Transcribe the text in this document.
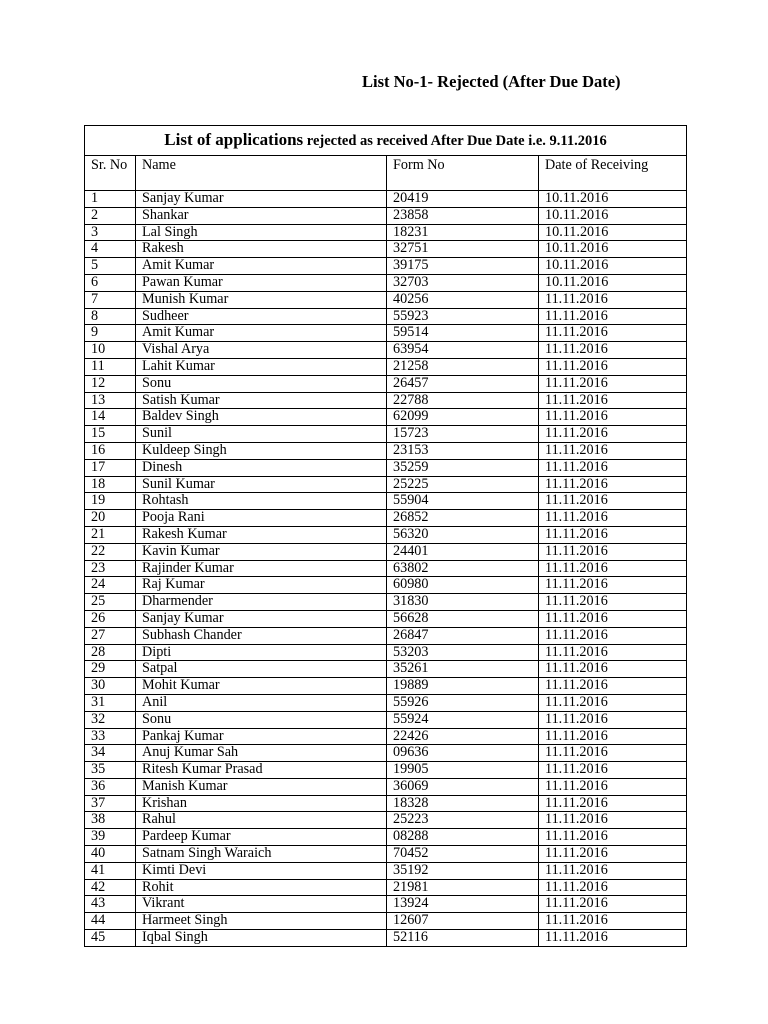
List No-1- Rejected (After Due Date)
List of applications rejected as received After Due Date i.e. 9.11.2016			
Sr. No	Name	Form No	Date of Receiving
1	Sanjay Kumar	20419	10.11.2016
2	Shankar	23858	10.11.2016
3	Lal Singh	18231	10.11.2016
4	Rakesh	32751	10.11.2016
5	Amit Kumar	39175	10.11.2016
6	Pawan Kumar	32703	10.11.2016
7	Munish Kumar	40256	11.11.2016
8	Sudheer	55923	11.11.2016
9	Amit Kumar	59514	11.11.2016
10	Vishal Arya	63954	11.11.2016
11	Lahit Kumar	21258	11.11.2016
12	Sonu	26457	11.11.2016
13	Satish Kumar	22788	11.11.2016
14	Baldev Singh	62099	11.11.2016
15	Sunil	15723	11.11.2016
16	Kuldeep Singh	23153	11.11.2016
17	Dinesh	35259	11.11.2016
18	Sunil Kumar	25225	11.11.2016
19	Rohtash	55904	11.11.2016
20	Pooja Rani	26852	11.11.2016
21	Rakesh Kumar	56320	11.11.2016
22	Kavin Kumar	24401	11.11.2016
23	Rajinder Kumar	63802	11.11.2016
24	Raj Kumar	60980	11.11.2016
25	Dharmender	31830	11.11.2016
26	Sanjay Kumar	56628	11.11.2016
27	Subhash Chander	26847	11.11.2016
28	Dipti	53203	11.11.2016
29	Satpal	35261	11.11.2016
30	Mohit Kumar	19889	11.11.2016
31	Anil	55926	11.11.2016
32	Sonu	55924	11.11.2016
33	Pankaj Kumar	22426	11.11.2016
34	Anuj Kumar Sah	09636	11.11.2016
35	Ritesh Kumar Prasad	19905	11.11.2016
36	Manish Kumar	36069	11.11.2016
37	Krishan	18328	11.11.2016
38	Rahul	25223	11.11.2016
39	Pardeep Kumar	08288	11.11.2016
40	Satnam Singh Waraich	70452	11.11.2016
41	Kimti Devi	35192	11.11.2016
42	Rohit	21981	11.11.2016
43	Vikrant	13924	11.11.2016
44	Harmeet Singh	12607	11.11.2016
45	Iqbal Singh	52116	11.11.2016
